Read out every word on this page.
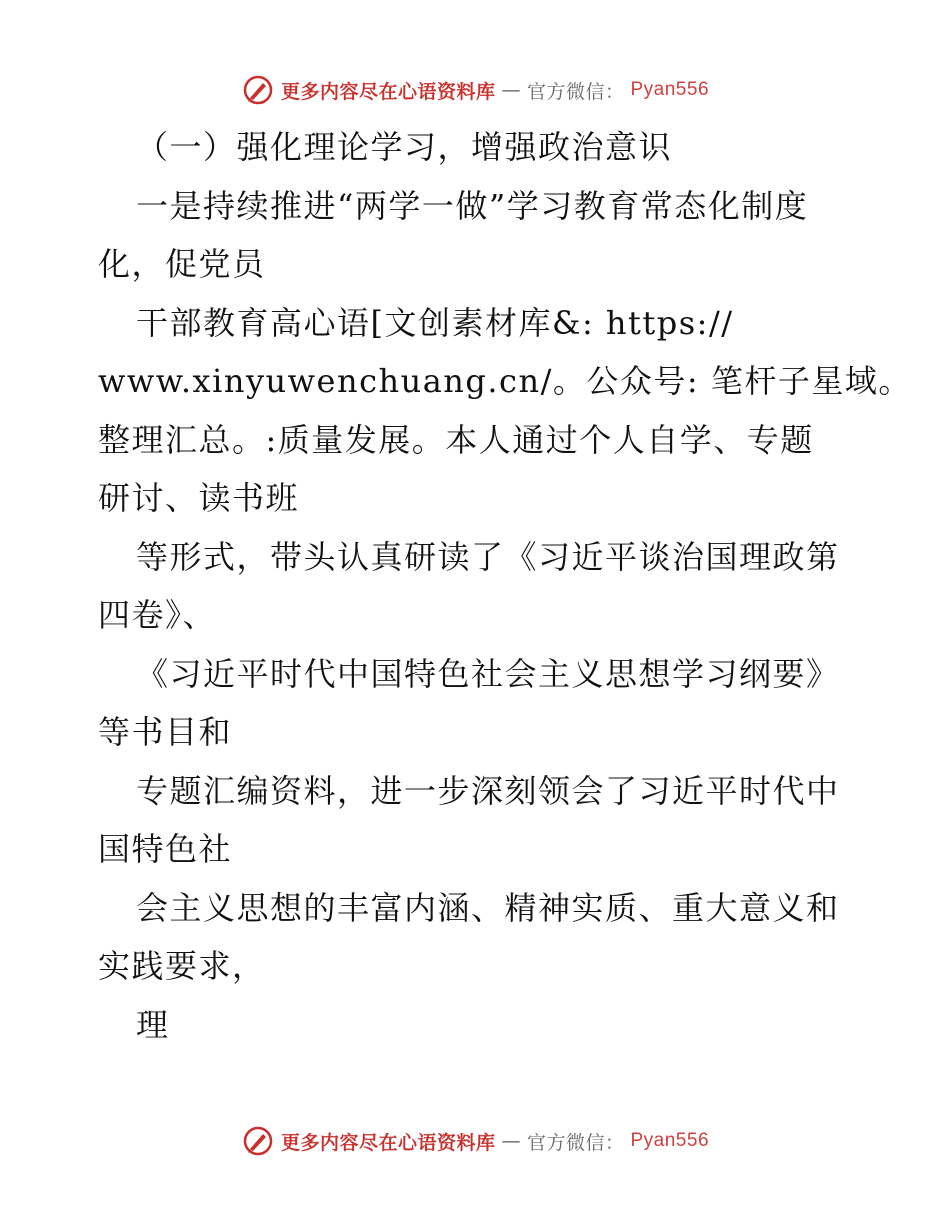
更多内容尽在心语资料库 — 官方微信： Pyan556
（一）强化理论学习，增强政治意识
一是持续推进“两学一做”学习教育常态化制度
化，促党员
干部教育高心语[文创素材库&: https://
www.xinyuwenchuang.cn/。公众号: 笔杆子星域。
整理汇总。:质量发展。本人通过个人自学、专题
研讨、读书班
等形式，带头认真研读了《习近平谈治国理政第
四卷》、
《习近平时代中国特色社会主义思想学习纲要》
等书目和
专题汇编资料，进一步深刻领会了习近平时代中
国特色社
会主义思想的丰富内涵、精神实质、重大意义和
实践要求，
理
更多内容尽在心语资料库 — 官方微信： Pyan556
